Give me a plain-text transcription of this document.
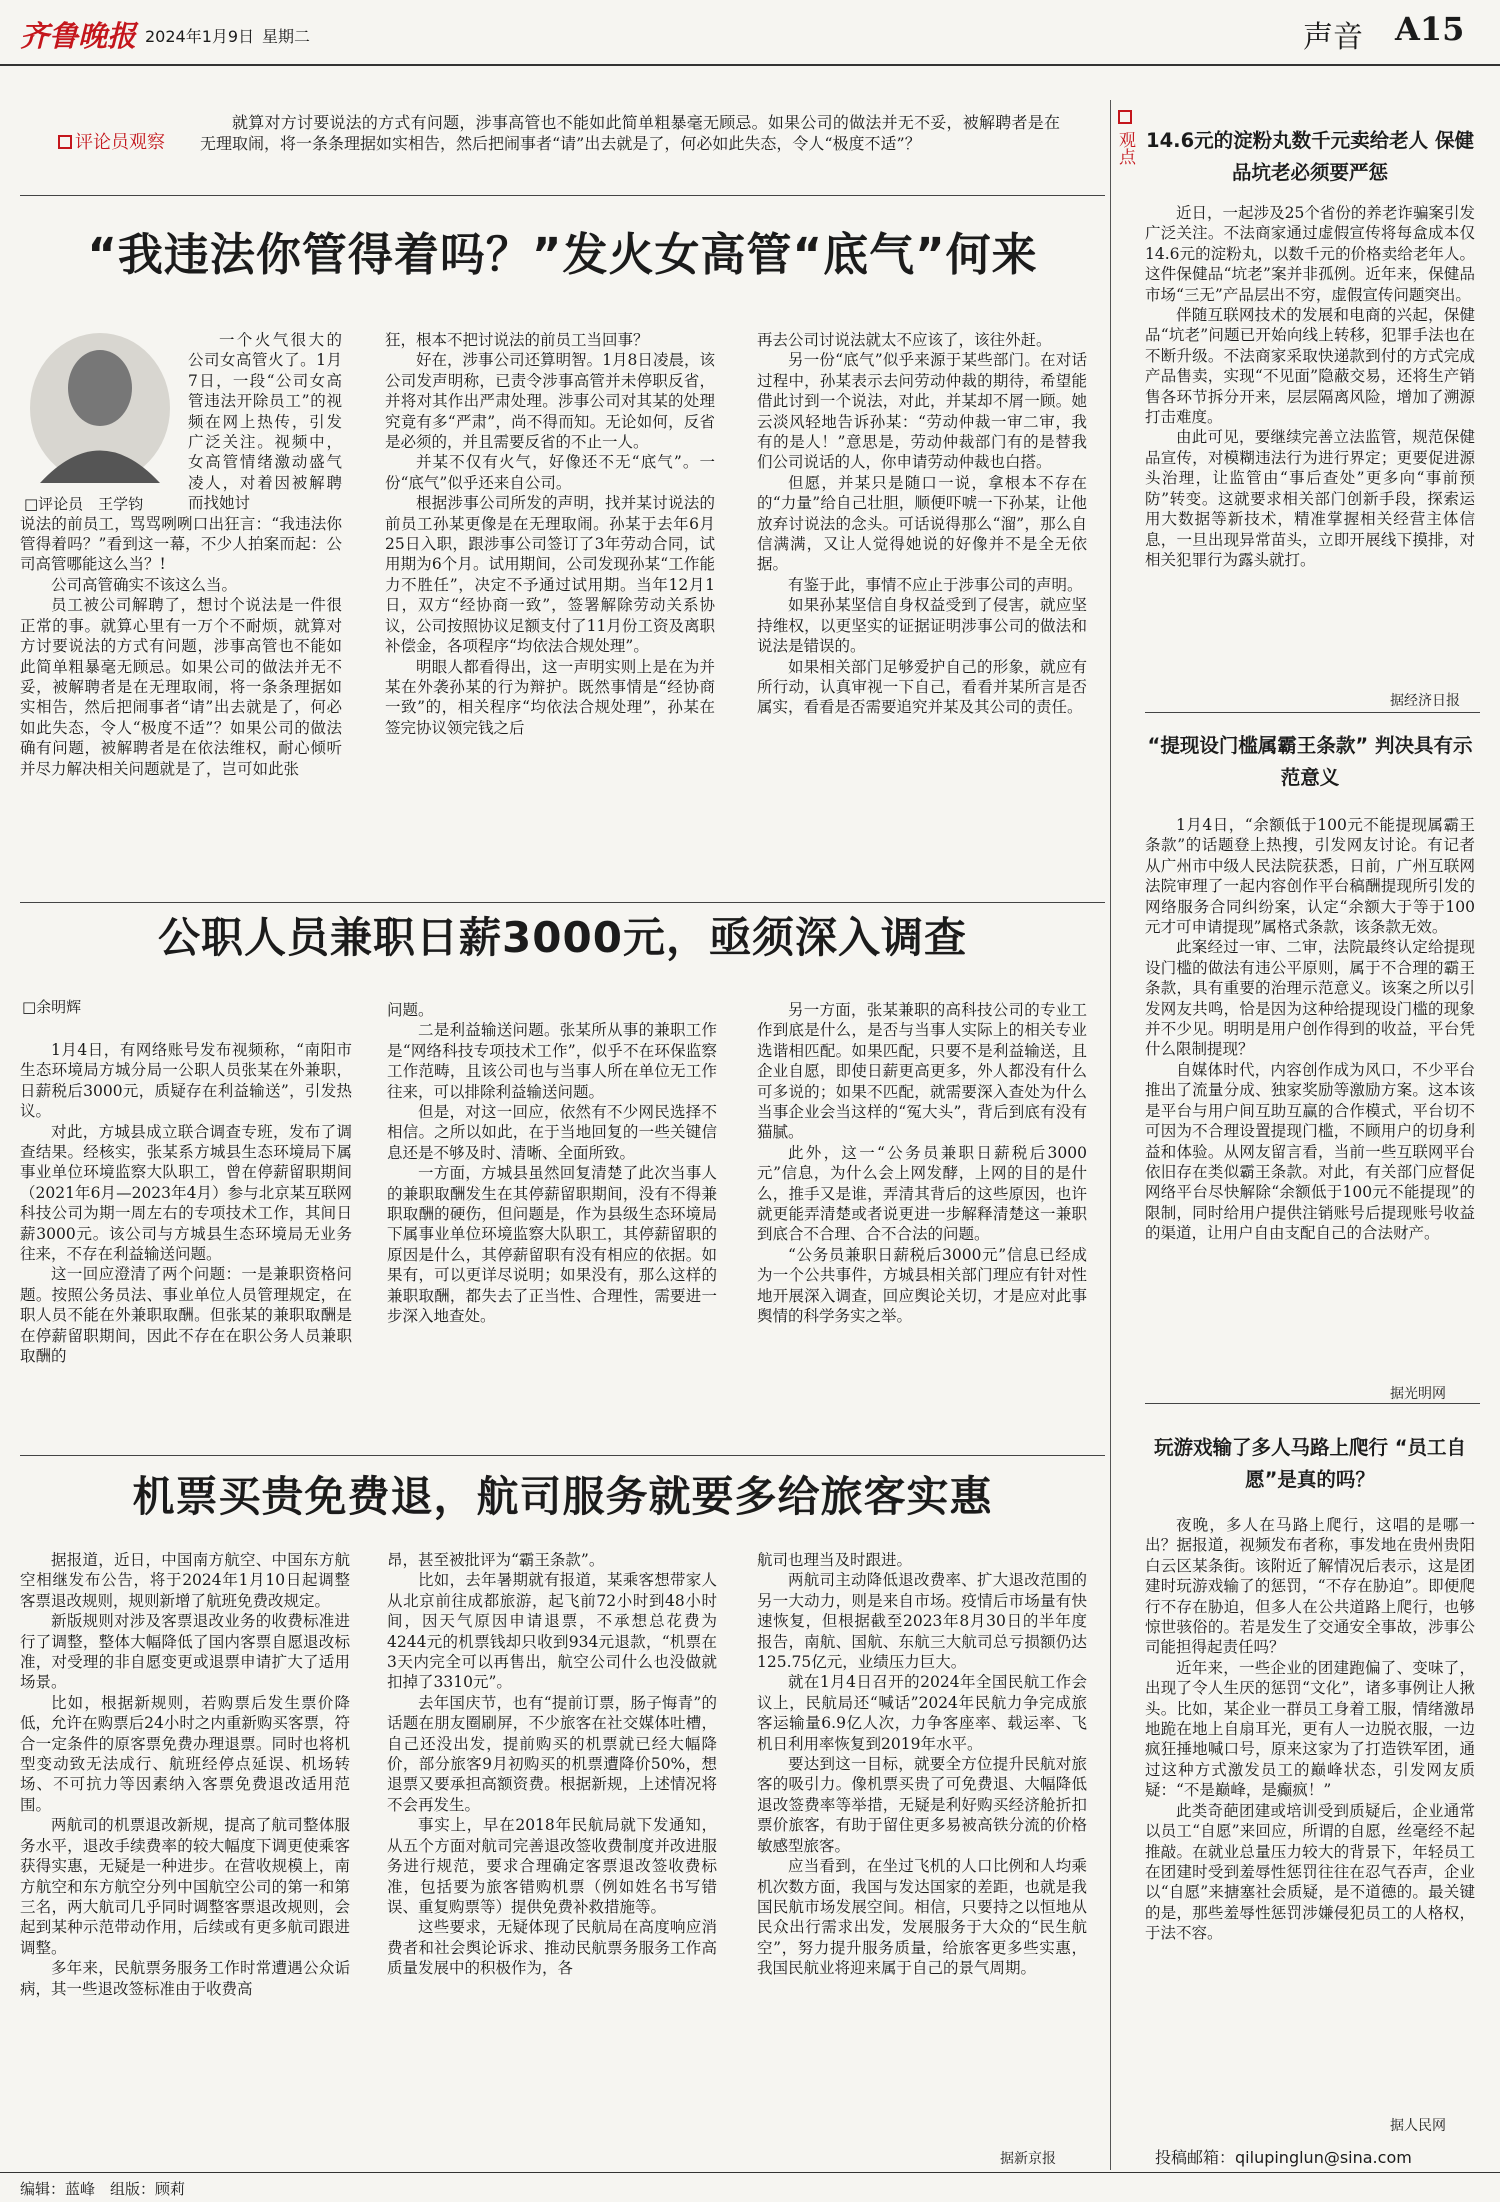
齐鲁晚报 2024年1月9日 星期二	声音 A15
评论员观察
就算对方讨要说法的方式有问题，涉事高管也不能如此简单粗暴毫无顾忌。如果公司的做法并无不妥，被解聘者是在无理取闹，将一条条理据如实相告，然后把闹事者“请”出去就是了，何必如此失态，令人“极度不适”？
“我违法你管得着吗？”发火女高管“底气”何来
□评论员　王学钧
一个火气很大的公司女高管火了。1月7日，一段“公司女高管违法开除员工”的视频在网上热传，引发广泛关注。视频中，女高管情绪激动盛气凌人，对着因被解聘而找她讨
说法的前员工，骂骂咧咧口出狂言：“我违法你管得着吗？”看到这一幕，不少人拍案而起：公司高管哪能这么当？!
公司高管确实不该这么当。
员工被公司解聘了，想讨个说法是一件很正常的事。就算心里有一万个不耐烦，就算对方讨要说法的方式有问题，涉事高管也不能如此简单粗暴毫无顾忌。如果公司的做法并无不妥，被解聘者是在无理取闹，将一条条理据如实相告，然后把闹事者“请”出去就是了，何必如此失态，令人“极度不适”？如果公司的做法确有问题，被解聘者是在依法维权，耐心倾听并尽力解决相关问题就是了，岂可如此张
狂，根本不把讨说法的前员工当回事？
好在，涉事公司还算明智。1月8日凌晨，该公司发声明称，已责令涉事高管并未停职反省，并将对其作出严肃处理。涉事公司对其某的处理究竟有多“严肃”，尚不得而知。无论如何，反省是必须的，并且需要反省的不止一人。
并某不仅有火气，好像还不无“底气”。一份“底气”似乎还来自公司。
根据涉事公司所发的声明，找并某讨说法的前员工孙某更像是在无理取闹。孙某于去年6月25日入职，跟涉事公司签订了3年劳动合同，试用期为6个月。试用期间，公司发现孙某“工作能力不胜任”，决定不予通过试用期。当年12月1日，双方“经协商一致”，签署解除劳动关系协议，公司按照协议足额支付了11月份工资及离职补偿金，各项程序“均依法合规处理”。
明眼人都看得出，这一声明实则上是在为并某在外袭孙某的行为辩护。既然事情是“经协商一致”的，相关程序“均依法合规处理”，孙某在签完协议领完钱之后
再去公司讨说法就太不应该了，该往外赶。
另一份“底气”似乎来源于某些部门。在对话过程中，孙某表示去问劳动仲裁的期待，希望能借此讨到一个说法，对此，并某却不屑一顾。她云淡风轻地告诉孙某：“劳动仲裁一审二审，我有的是人！”意思是，劳动仲裁部门有的是替我们公司说话的人，你申请劳动仲裁也白搭。
但愿，并某只是随口一说，拿根本不存在的“力量”给自己壮胆，顺便吓唬一下孙某，让他放弃讨说法的念头。可话说得那么“溜”，那么自信满满，又让人觉得她说的好像并不是全无依据。
有鉴于此，事情不应止于涉事公司的声明。
如果孙某坚信自身权益受到了侵害，就应坚持维权，以更坚实的证据证明涉事公司的做法和说法是错误的。
如果相关部门足够爱护自己的形象，就应有所行动，认真审视一下自己，看看并某所言是否属实，看看是否需要追究并某及其公司的责任。
公职人员兼职日薪3000元，亟须深入调查
□余明辉
1月4日，有网络账号发布视频称，“南阳市生态环境局方城分局一公职人员张某在外兼职，日薪税后3000元，质疑存在利益输送”，引发热议。
对此，方城县成立联合调查专班，发布了调查结果。经核实，张某系方城县生态环境局下属事业单位环境监察大队职工，曾在停薪留职期间（2021年6月—2023年4月）参与北京某互联网科技公司为期一周左右的专项技术工作，其间日薪3000元。该公司与方城县生态环境局无业务往来，不存在利益输送问题。
这一回应澄清了两个问题：一是兼职资格问题。按照公务员法、事业单位人员管理规定，在职人员不能在外兼职取酬。但张某的兼职取酬是在停薪留职期间，因此不存在在职公务人员兼职取酬的
问题。
二是利益输送问题。张某所从事的兼职工作是“网络科技专项技术工作”，似乎不在环保监察工作范畴，且该公司也与当事人所在单位无工作往来，可以排除利益输送问题。
但是，对这一回应，依然有不少网民选择不相信。之所以如此，在于当地回复的一些关键信息还是不够及时、清晰、全面所致。
一方面，方城县虽然回复清楚了此次当事人的兼职取酬发生在其停薪留职期间，没有不得兼职取酬的硬伤，但问题是，作为县级生态环境局下属事业单位环境监察大队职工，其停薪留职的原因是什么，其停薪留职有没有相应的依据。如果有，可以更详尽说明；如果没有，那么这样的兼职取酬，都失去了正当性、合理性，需要进一步深入地查处。
另一方面，张某兼职的高科技公司的专业工作到底是什么，是否与当事人实际上的相关专业选谐相匹配。如果匹配，只要不是利益输送，且企业自愿，即使日薪更高更多，外人都没有什么可多说的；如果不匹配，就需要深入查处为什么当事企业会当这样的“冤大头”，背后到底有没有猫腻。
此外，这一“公务员兼职日薪税后3000元”信息，为什么会上网发酵，上网的目的是什么，推手又是谁，弄清其背后的这些原因，也许就更能弄清楚或者说更进一步解释清楚这一兼职到底合不合理、合不合法的问题。
“公务员兼职日薪税后3000元”信息已经成为一个公共事件，方城县相关部门理应有针对性地开展深入调查，回应舆论关切，才是应对此事舆情的科学务实之举。
机票买贵免费退，航司服务就要多给旅客实惠
据报道，近日，中国南方航空、中国东方航空相继发布公告，将于2024年1月10日起调整客票退改规则，规则新增了航班免费改规定。
新版规则对涉及客票退改业务的收费标准进行了调整，整体大幅降低了国内客票自愿退改标准，对受理的非自愿变更或退票申请扩大了适用场景。
比如，根据新规则，若购票后发生票价降低，允许在购票后24小时之内重新购买客票，符合一定条件的原客票免费办理退票。同时也将机型变动致无法成行、航班经停点延误、机场转场、不可抗力等因素纳入客票免费退改适用范围。
两航司的机票退改新规，提高了航司整体服务水平，退改手续费率的较大幅度下调更使乘客获得实惠，无疑是一种进步。在营收规模上，南方航空和东方航空分列中国航空公司的第一和第三名，两大航司几乎同时调整客票退改规则，会起到某种示范带动作用，后续或有更多航司跟进调整。
多年来，民航票务服务工作时常遭遇公众诟病，其一些退改签标准由于收费高
昂，甚至被批评为“霸王条款”。
比如，去年暑期就有报道，某乘客想带家人从北京前往成都旅游，起飞前72小时到48小时间，因天气原因申请退票，不承想总花费为4244元的机票钱却只收到934元退款，“机票在3天内完全可以再售出，航空公司什么也没做就扣掉了3310元”。
去年国庆节，也有“提前订票，肠子悔青”的话题在朋友圈刷屏，不少旅客在社交媒体吐槽，自己还没出发，提前购买的机票就已经大幅降价，部分旅客9月初购买的机票遭降价50%，想退票又要承担高额资费。根据新规，上述情况将不会再发生。
事实上，早在2018年民航局就下发通知，从五个方面对航司完善退改签收费制度并改进服务进行规范，要求合理确定客票退改签收费标准，包括要为旅客错购机票（例如姓名书写错误、重复购票等）提供免费补救措施等。
这些要求，无疑体现了民航局在高度响应消费者和社会舆论诉求、推动民航票务服务工作高质量发展中的积极作为，各
航司也理当及时跟进。
两航司主动降低退改费率、扩大退改范围的另一大动力，则是来自市场。疫情后市场量有快速恢复，但根据截至2023年8月30日的半年度报告，南航、国航、东航三大航司总亏损额仍达125.75亿元，业绩压力巨大。
就在1月4日召开的2024年全国民航工作会议上，民航局还“喊话”2024年民航力争完成旅客运输量6.9亿人次，力争客座率、载运率、飞机日利用率恢复到2019年水平。
要达到这一目标，就要全方位提升民航对旅客的吸引力。像机票买贵了可免费退、大幅降低退改签费率等举措，无疑是利好购买经济舱折扣票价旅客，有助于留住更多易被高铁分流的价格敏感型旅客。
应当看到，在坐过飞机的人口比例和人均乘机次数方面，我国与发达国家的差距，也就是我国民航市场发展空间。相信，只要持之以恒地从民众出行需求出发，发展服务于大众的“民生航空”，努力提升服务质量，给旅客更多些实惠，我国民航业将迎来属于自己的景气周期。
据新京报
观点 14.6元的淀粉丸数千元卖给老人 保健品坑老必须要严惩
近日，一起涉及25个省份的养老诈骗案引发广泛关注。不法商家通过虚假宣传将每盒成本仅14.6元的淀粉丸，以数千元的价格卖给老年人。这件保健品“坑老”案并非孤例。近年来，保健品市场“三无”产品层出不穷，虚假宣传问题突出。
伴随互联网技术的发展和电商的兴起，保健品“坑老”问题已开始向线上转移，犯罪手法也在不断升级。不法商家采取快递款到付的方式完成产品售卖，实现“不见面”隐蔽交易，还将生产销售各环节拆分开来，层层隔离风险，增加了溯源打击难度。
由此可见，要继续完善立法监管，规范保健品宣传，对模糊违法行为进行界定；更要促进源头治理，让监管由“事后查处”更多向“事前预防”转变。这就要求相关部门创新手段，探索运用大数据等新技术，精准掌握相关经营主体信息，一旦出现异常苗头，立即开展线下摸排，对相关犯罪行为露头就打。
据经济日报
“提现设门槛属霸王条款” 判决具有示范意义
1月4日，“余额低于100元不能提现属霸王条款”的话题登上热搜，引发网友讨论。有记者从广州市中级人民法院获悉，日前，广州互联网法院审理了一起内容创作平台稿酬提现所引发的网络服务合同纠纷案，认定“余额大于等于100元才可申请提现”属格式条款，该条款无效。
此案经过一审、二审，法院最终认定给提现设门槛的做法有违公平原则，属于不合理的霸王条款，具有重要的治理示范意义。该案之所以引发网友共鸣，恰是因为这种给提现设门槛的现象并不少见。明明是用户创作得到的收益，平台凭什么限制提现？
自媒体时代，内容创作成为风口，不少平台推出了流量分成、独家奖励等激励方案。这本该是平台与用户间互助互赢的合作模式，平台切不可因为不合理设置提现门槛，不顾用户的切身利益和体验。从网友留言看，当前一些互联网平台依旧存在类似霸王条款。对此，有关部门应督促网络平台尽快解除“余额低于100元不能提现”的限制，同时给用户提供注销账号后提现账号收益的渠道，让用户自由支配自己的合法财产。
据光明网
玩游戏输了多人马路上爬行 “员工自愿”是真的吗？
夜晚，多人在马路上爬行，这唱的是哪一出？据报道，视频发布者称，事发地在贵州贵阳白云区某条街。该附近了解情况后表示，这是团建时玩游戏输了的惩罚，“不存在胁迫”。即便爬行不存在胁迫，但多人在公共道路上爬行，也够惊世骇俗的。若是发生了交通安全事故，涉事公司能担得起责任吗？
近年来，一些企业的团建跑偏了、变味了，出现了令人生厌的惩罚“文化”，诸多事例让人揪头。比如，某企业一群员工身着工服，情绪激昂地跪在地上自扇耳光，更有人一边脱衣服，一边疯狂捶地喊口号，原来这家为了打造铁军团，通过这种方式激发员工的巅峰状态，引发网友质疑：“不是巅峰，是癫疯！”
此类奇葩团建或培训受到质疑后，企业通常以员工“自愿”来回应，所谓的自愿，丝毫经不起推敲。在就业总量压力较大的背景下，年轻员工在团建时受到羞辱性惩罚往往在忍气吞声，企业以“自愿”来搪塞社会质疑，是不道德的。最关键的是，那些羞辱性惩罚涉嫌侵犯员工的人格权，于法不容。
据人民网
投稿邮箱：qilupinglun@sina.com
编辑：蓝峰　组版：顾莉
